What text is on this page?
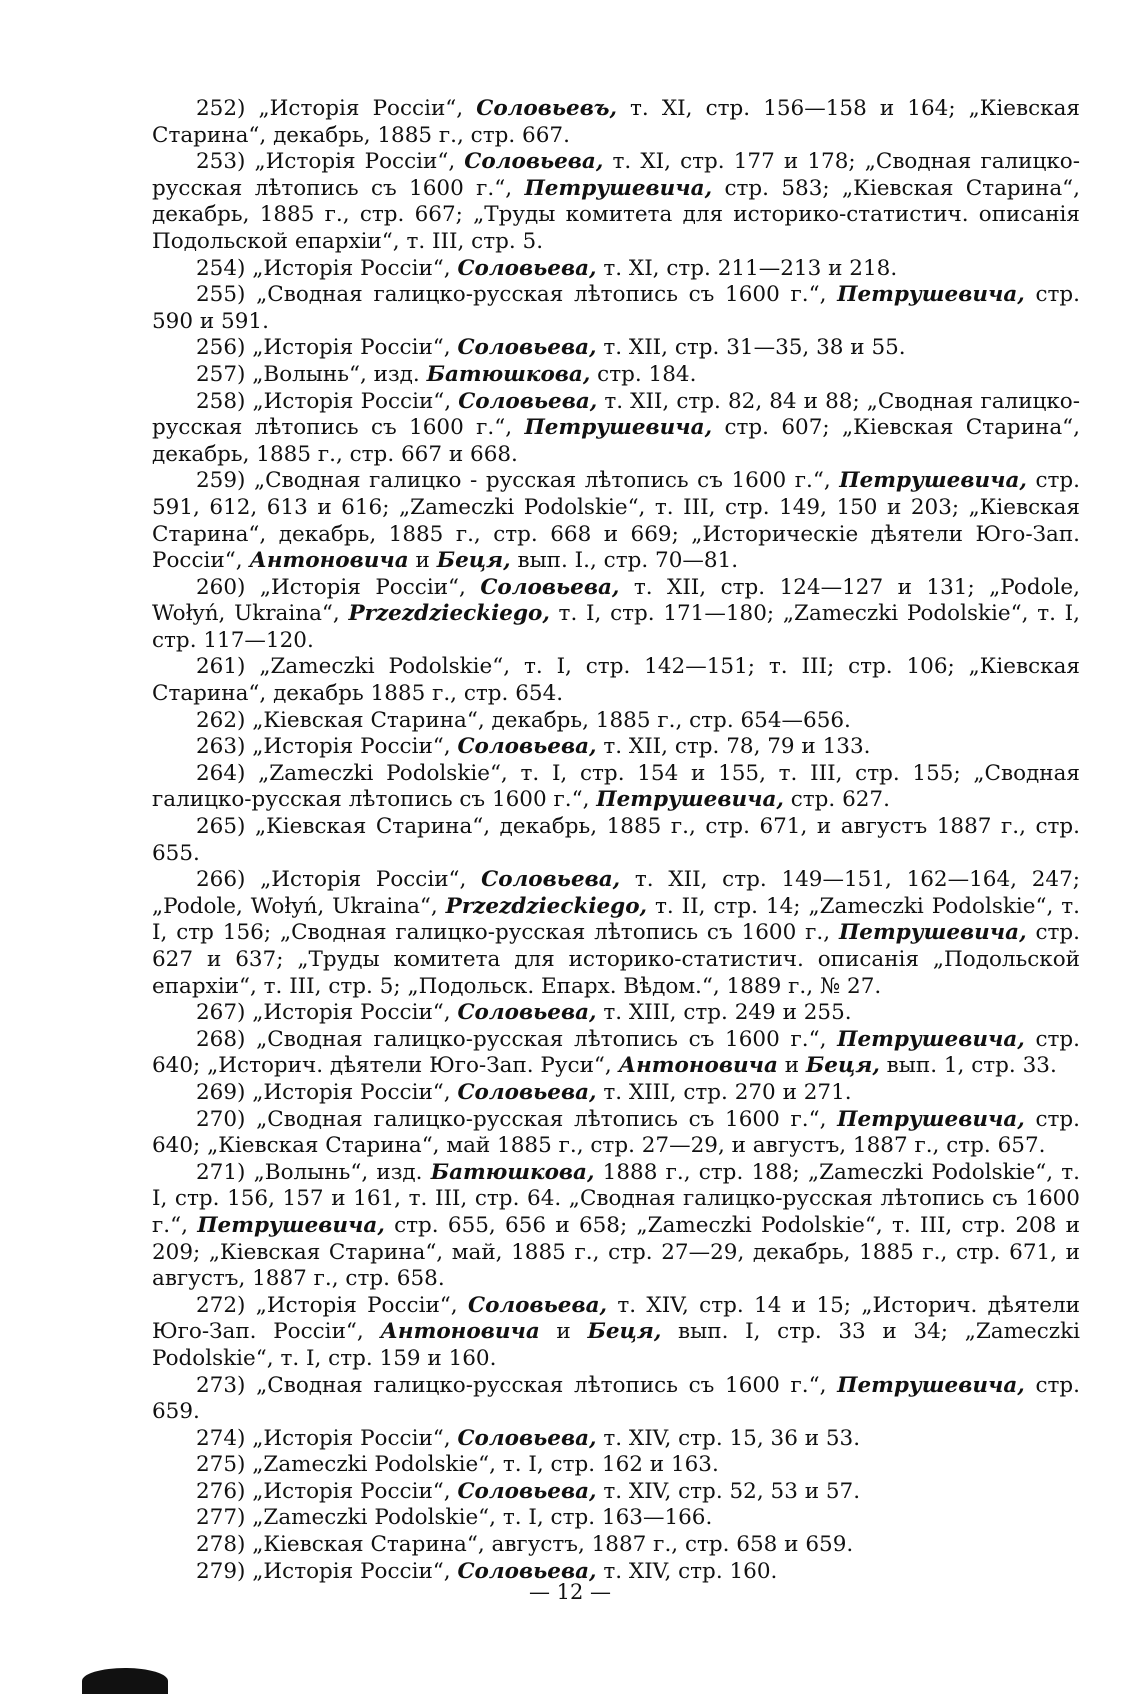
252) „Исторія Россіи“, Соловьевъ, т. XI, стр. 156—158 и 164; „Кіевская Старина“, декабрь, 1885 г., стр. 667.

253) „Исторія Россіи“, Соловьева, т. XI, стр. 177 и 178; „Сводная галицко-русская лѣтопись съ 1600 г.“, Петрушевича, стр. 583; „Кіевская Старина“, декабрь, 1885 г., стр. 667; „Труды комитета для историко-статистич. описанія Подольской епархіи“, т. III, стр. 5.

254) „Исторія Россіи“, Соловьева, т. XI, стр. 211—213 и 218.

255) „Сводная галицко-русская лѣтопись съ 1600 г.“, Петрушевича, стр. 590 и 591.

256) „Исторія Россіи“, Соловьева, т. XII, стр. 31—35, 38 и 55.

257) „Волынь“, изд. Батюшкова, стр. 184.

258) „Исторія Россіи“, Соловьева, т. XII, стр. 82, 84 и 88; „Сводная галицко-русская лѣтопись съ 1600 г.“, Петрушевича, стр. 607; „Кіевская Старина“, декабрь, 1885 г., стр. 667 и 668.

259) „Сводная галицко - русская лѣтопись съ 1600 г.“, Петрушевича, стр. 591, 612, 613 и 616; „Zameczki Podolskie“, т. III, стр. 149, 150 и 203; „Кіевская Старина“, декабрь, 1885 г., стр. 668 и 669; „Историческіе дѣятели Юго-Зап. Россіи“, Антоновича и Беця, вып. I., стр. 70—81.

260) „Исторія Россіи“, Соловьева, т. XII, стр. 124—127 и 131; „Podole, Wołyń, Ukraina“, Przezdzieckiego, т. I, стр. 171—180; „Zameczki Podolskie“, т. I, стр. 117—120.

261) „Zameczki Podolskie“, т. I, стр. 142—151; т. III; стр. 106; „Кіевская Старина“, декабрь 1885 г., стр. 654.

262) „Кіевская Старина“, декабрь, 1885 г., стр. 654—656.

263) „Исторія Россіи“, Соловьева, т. XII, стр. 78, 79 и 133.

264) „Zameczki Podolskie“, т. I, стр. 154 и 155, т. III, стр. 155; „Сводная галицко-русская лѣтопись съ 1600 г.“, Петрушевича, стр. 627.

265) „Кіевская Старина“, декабрь, 1885 г., стр. 671, и августъ 1887 г., стр. 655.

266) „Исторія Россіи“, Соловьева, т. XII, стр. 149—151, 162—164, 247; „Podole, Wołyń, Ukraina“, Przezdzieckiego, т. II, стр. 14; „Zameczki Podolskie“, т. I, стр 156; „Сводная галицко-русская лѣтопись съ 1600 г., Петрушевича, стр. 627 и 637; „Труды комитета для историко-статистич. описанія „Подольской епархіи“, т. III, стр. 5; „Подольск. Епарх. Вѣдом.“, 1889 г., № 27.

267) „Исторія Россіи“, Соловьева, т. XIII, стр. 249 и 255.

268) „Сводная галицко-русская лѣтопись съ 1600 г.“, Петрушевича, стр. 640; „Историч. дѣятели Юго-Зап. Руси“, Антоновича и Беця, вып. 1, стр. 33.

269) „Исторія Россіи“, Соловьева, т. XIII, стр. 270 и 271.

270) „Сводная галицко-русская лѣтопись съ 1600 г.“, Петрушевича, стр. 640; „Кіевская Старина“, май 1885 г., стр. 27—29, и августъ, 1887 г., стр. 657.

271) „Волынь“, изд. Батюшкова, 1888 г., стр. 188; „Zameczki Podolskie“, т. I, стр. 156, 157 и 161, т. III, стр. 64. „Сводная галицко-русская лѣтопись съ 1600 г.“, Петрушевича, стр. 655, 656 и 658; „Zameczki Podolskie“, т. III, стр. 208 и 209; „Кіевская Старина“, май, 1885 г., стр. 27—29, декабрь, 1885 г., стр. 671, и августъ, 1887 г., стр. 658.

272) „Исторія Россіи“, Соловьева, т. XIV, стр. 14 и 15; „Историч. дѣятели Юго-Зап. Россіи“, Антоновича и Беця, вып. I, стр. 33 и 34; „Zameczki Podolskie“, т. I, стр. 159 и 160.

273) „Сводная галицко-русская лѣтопись съ 1600 г.“, Петрушевича, стр. 659.

274) „Исторія Россіи“, Соловьева, т. XIV, стр. 15, 36 и 53.

275) „Zameczki Podolskie“, т. I, стр. 162 и 163.

276) „Исторія Россіи“, Соловьева, т. XIV, стр. 52, 53 и 57.

277) „Zameczki Podolskie“, т. I, стр. 163—166.

278) „Кіевская Старина“, августъ, 1887 г., стр. 658 и 659.

279) „Исторія Россіи“, Соловьева, т. XIV, стр. 160.

— 12 —
